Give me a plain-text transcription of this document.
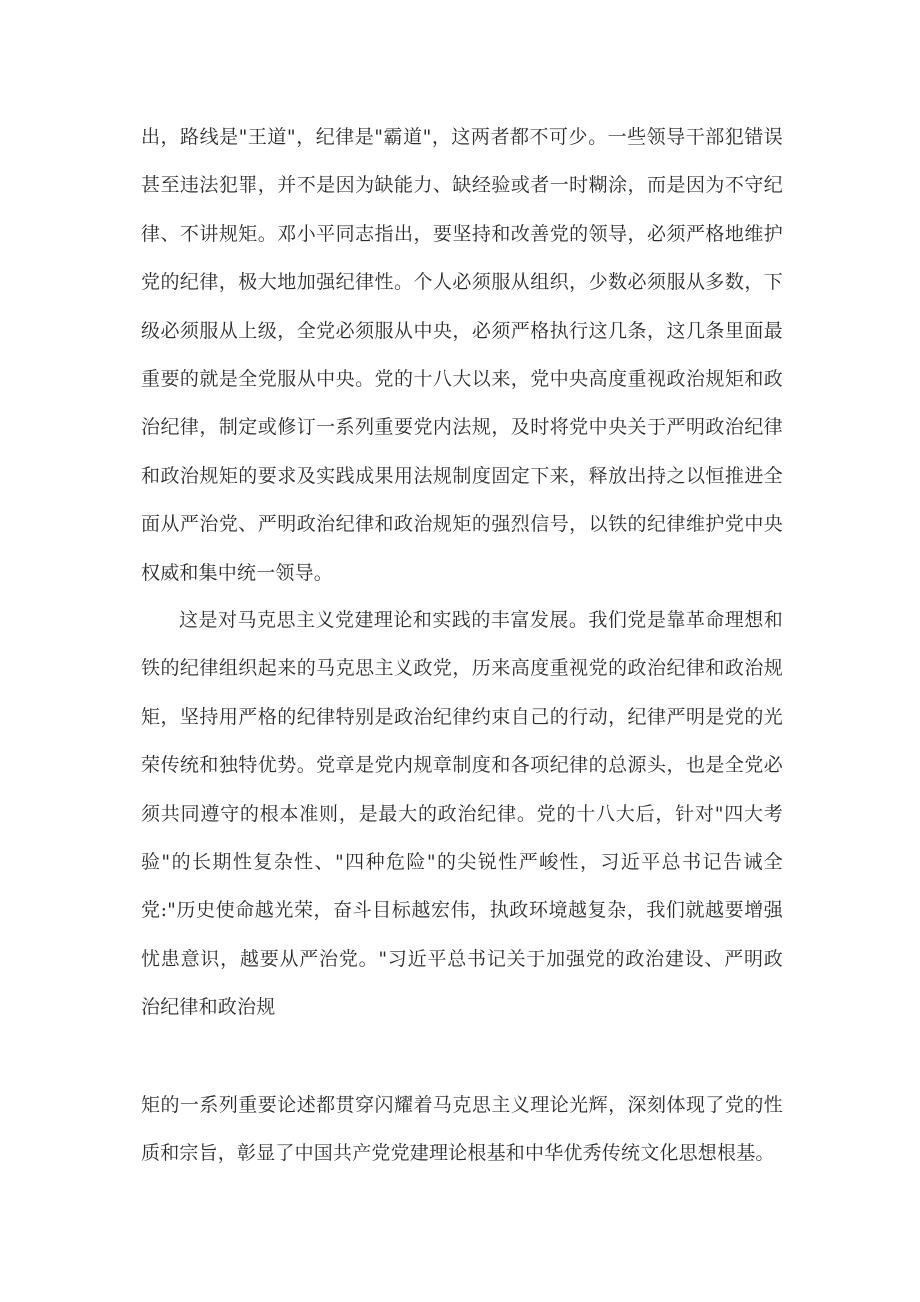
出，路线是"王道"，纪律是"霸道"，这两者都不可少。一些领导干部犯错误甚至违法犯罪，并不是因为缺能力、缺经验或者一时糊涂，而是因为不守纪律、不讲规矩。邓小平同志指出，要坚持和改善党的领导，必须严格地维护党的纪律，极大地加强纪律性。个人必须服从组织，少数必须服从多数，下级必须服从上级，全党必须服从中央，必须严格执行这几条，这几条里面最重要的就是全党服从中央。党的十八大以来，党中央高度重视政治规矩和政治纪律，制定或修订一系列重要党内法规，及时将党中央关于严明政治纪律和政治规矩的要求及实践成果用法规制度固定下来，释放出持之以恒推进全面从严治党、严明政治纪律和政治规矩的强烈信号，以铁的纪律维护党中央权威和集中统一领导。

这是对马克思主义党建理论和实践的丰富发展。我们党是靠革命理想和铁的纪律组织起来的马克思主义政党，历来高度重视党的政治纪律和政治规矩，坚持用严格的纪律特别是政治纪律约束自己的行动，纪律严明是党的光荣传统和独特优势。党章是党内规章制度和各项纪律的总源头，也是全党必须共同遵守的根本准则，是最大的政治纪律。党的十八大后，针对"四大考验"的长期性复杂性、"四种危险"的尖锐性严峻性，习近平总书记告诫全党:"历史使命越光荣，奋斗目标越宏伟，执政环境越复杂，我们就越要增强忧患意识，越要从严治党。"习近平总书记关于加强党的政治建设、严明政治纪律和政治规

矩的一系列重要论述都贯穿闪耀着马克思主义理论光辉，深刻体现了党的性质和宗旨，彰显了中国共产党党建理论根基和中华优秀传统文化思想根基。
